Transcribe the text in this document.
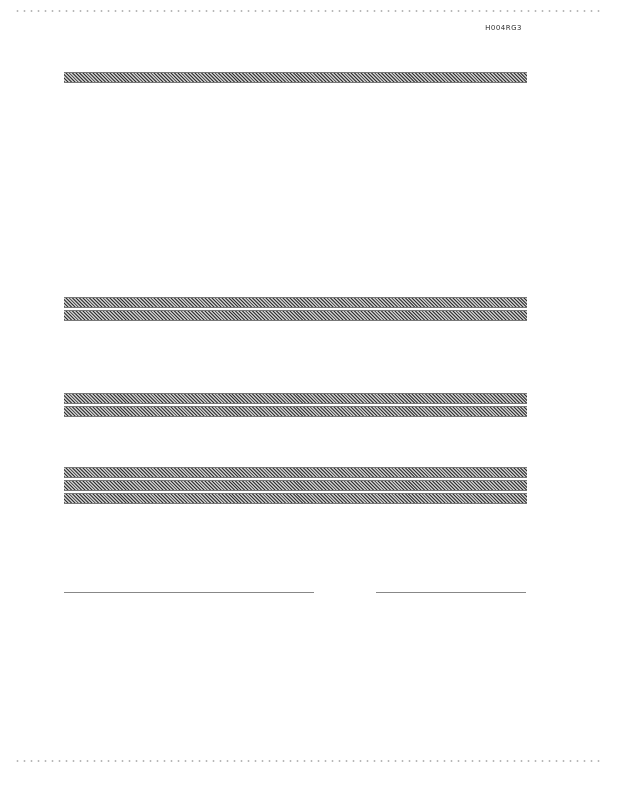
H004RG3
